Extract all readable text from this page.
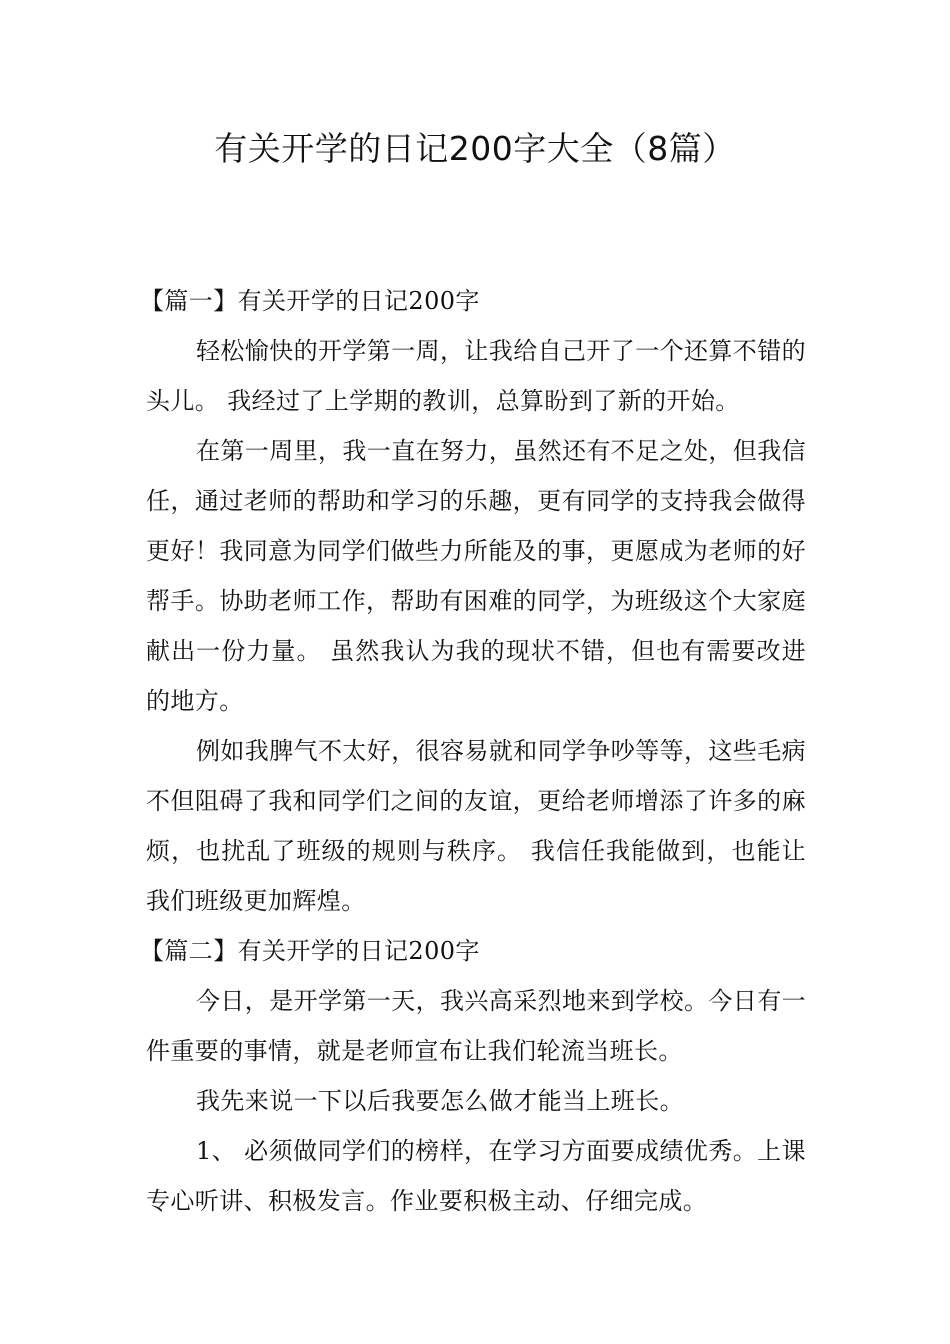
有关开学的日记200字大全（8篇）

【篇一】有关开学的日记200字

轻松愉快的开学第一周，让我给自己开了一个还算不错的头儿。 我经过了上学期的教训，总算盼到了新的开始。

在第一周里，我一直在努力，虽然还有不足之处，但我信任，通过老师的帮助和学习的乐趣，更有同学的支持我会做得更好！我同意为同学们做些力所能及的事，更愿成为老师的好帮手。协助老师工作，帮助有困难的同学，为班级这个大家庭献出一份力量。 虽然我认为我的现状不错，但也有需要改进的地方。

例如我脾气不太好，很容易就和同学争吵等等，这些毛病不但阻碍了我和同学们之间的友谊，更给老师增添了许多的麻烦，也扰乱了班级的规则与秩序。 我信任我能做到，也能让我们班级更加辉煌。

【篇二】有关开学的日记200字

今日，是开学第一天，我兴高采烈地来到学校。今日有一件重要的事情，就是老师宣布让我们轮流当班长。

我先来说一下以后我要怎么做才能当上班长。

1、 必须做同学们的榜样，在学习方面要成绩优秀。上课专心听讲、积极发言。作业要积极主动、仔细完成。
